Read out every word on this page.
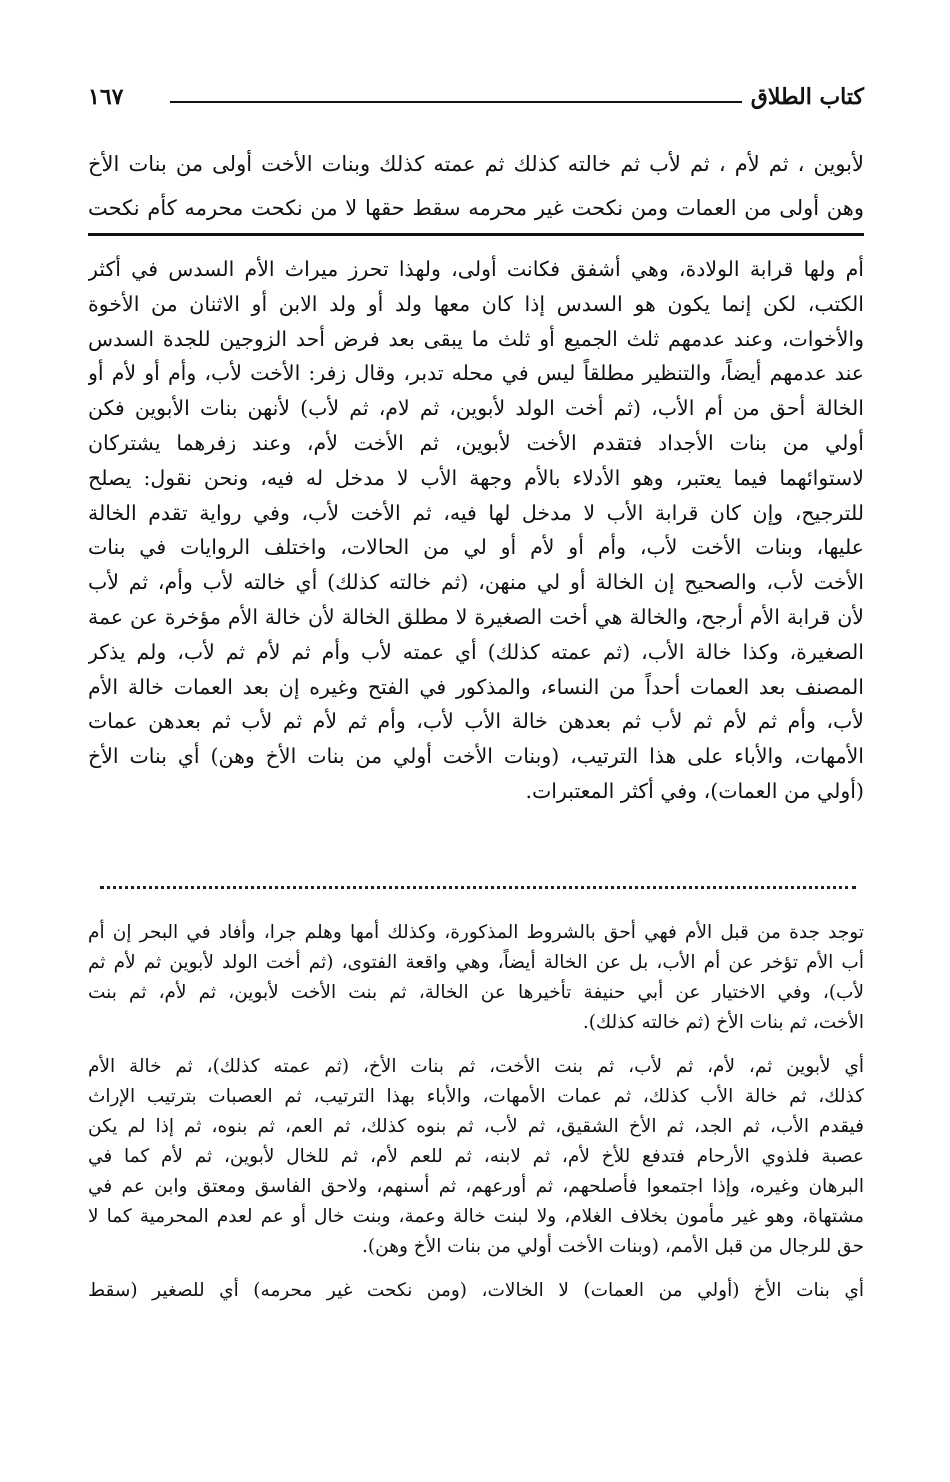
كتاب الطلاق
١٦٧
لأبوين ، ثم لأم ، ثم لأب ثم خالته كذلك ثم عمته كذلك وبنات الأخت أولى من بنات الأخ
وهن أولى من العمات ومن نكحت غير محرمه سقط حقها لا من نكحت محرمه كأم نكحت
أم ولها قرابة الولادة، وهي أشفق فكانت أولى، ولهذا تحرز ميراث الأم السدس في أكثر
الكتب، لكن إنما يكون هو السدس إذا كان معها ولد أو ولد الابن أو الاثنان من الأخوة
والأخوات، وعند عدمهم ثلث الجميع أو ثلث ما يبقى بعد فرض أحد الزوجين للجدة السدس
عند عدمهم أيضاً، والتنظير مطلقاً ليس في محله تدبر، وقال زفر: الأخت لأب، وأم أو لأم أو
الخالة أحق من أم الأب، (ثم أخت الولد لأبوين، ثم لام، ثم لأب) لأنهن بنات الأبوين فكن
أولي من بنات الأجداد فتقدم الأخت لأبوين، ثم الأخت لأم، وعند زفرهما يشتركان
لاستوائهما فيما يعتبر، وهو الأدلاء بالأم وجهة الأب لا مدخل له فيه، ونحن نقول: يصلح
للترجيح، وإن كان قرابة الأب لا مدخل لها فيه، ثم الأخت لأب، وفي رواية تقدم الخالة
عليها، وبنات الأخت لأب، وأم أو لأم أو لي من الحالات، واختلف الروايات في بنات
الأخت لأب، والصحيح إن الخالة أو لي منهن، (ثم خالته كذلك) أي خالته لأب وأم، ثم لأب
لأن قرابة الأم أرجح، والخالة هي أخت الصغيرة لا مطلق الخالة لأن خالة الأم مؤخرة عن عمة
الصغيرة، وكذا خالة الأب، (ثم عمته كذلك) أي عمته لأب وأم ثم لأم ثم لأب، ولم يذكر
المصنف بعد العمات أحداً من النساء، والمذكور في الفتح وغيره إن بعد العمات خالة الأم
لأب، وأم ثم لأم ثم لأب ثم بعدهن خالة الأب لأب، وأم ثم لأم ثم لأب ثم بعدهن عمات
الأمهات، والأباء على هذا الترتيب، (وبنات الأخت أولي من بنات الأخ وهن) أي بنات الأخ
(أولي من العمات)، وفي أكثر المعتبرات.
توجد جدة من قبل الأم فهي أحق بالشروط المذكورة، وكذلك أمها وهلم جرا، وأفاد في البحر إن أم
أب الأم تؤخر عن أم الأب، بل عن الخالة أيضاً، وهي واقعة الفتوى، (ثم أخت الولد لأبوين ثم لأم ثم
لأب)، وفي الاختيار عن أبي حنيفة تأخيرها عن الخالة، ثم بنت الأخت لأبوين، ثم لأم، ثم بنت
الأخت، ثم بنات الأخ (ثم خالته كذلك).
أي لأبوين ثم، لأم، ثم لأب، ثم بنت الأخت، ثم بنات الأخ، (ثم عمته كذلك)، ثم خالة الأم
كذلك، ثم خالة الأب كذلك، ثم عمات الأمهات، والأباء بهذا الترتيب، ثم العصبات بترتيب الإراث
فيقدم الأب، ثم الجد، ثم الأخ الشقيق، ثم لأب، ثم بنوه كذلك، ثم العم، ثم بنوه، ثم إذا لم يكن
عصبة فلذوي الأرحام فتدفع للأخ لأم، ثم لابنه، ثم للعم لأم، ثم للخال لأبوين، ثم لأم كما في
البرهان وغيره، وإذا اجتمعوا فأصلحهم، ثم أورعهم، ثم أسنهم، ولاحق الفاسق ومعتق وابن عم في
مشتهاة، وهو غير مأمون بخلاف الغلام، ولا لبنت خالة وعمة، وبنت خال أو عم لعدم المحرمية كما لا
حق للرجال من قبل الأمم، (وبنات الأخت أولي من بنات الأخ وهن).
أي بنات الأخ (أولي من العمات) لا الخالات، (ومن نكحت غير محرمه) أي للصغير (سقط
